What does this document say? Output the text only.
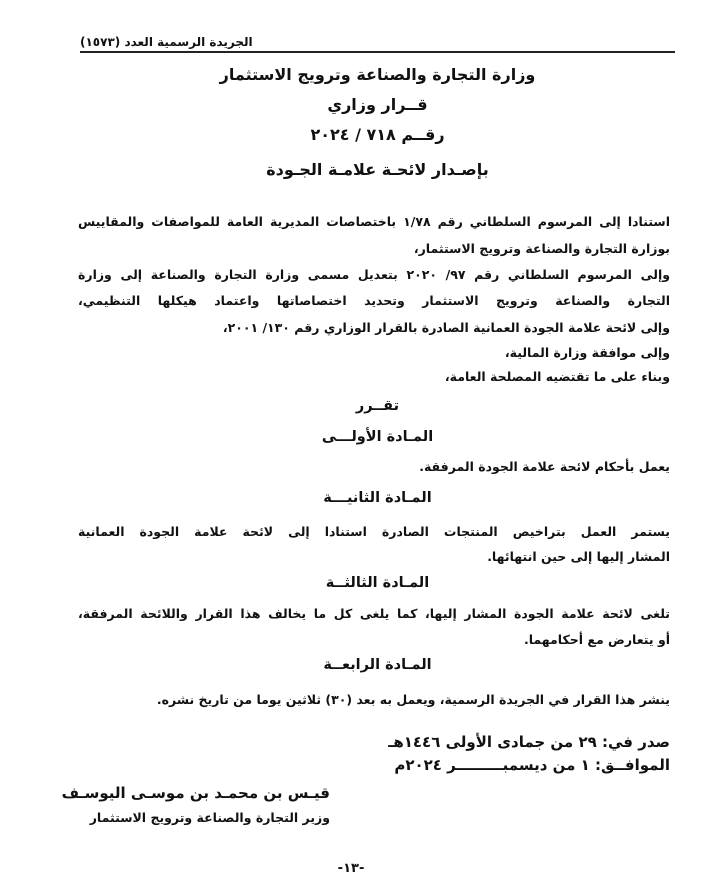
الجريدة الرسمية العدد (١٥٧٣)
وزارة التجارة والصناعة وترويج الاستثمار
قــرار وزاري
رقــم ٧١٨ / ٢٠٢٤
بإصـدار لائحـة علامـة الجـودة
استنادا إلى المرسوم السلطاني رقم ١/٧٨ باختصاصات المديرية العامة للمواصفات والمقاييس
بوزارة التجارة والصناعة وترويج الاستثمار،
وإلى المرسوم السلطاني رقم ٩٧/ ٢٠٢٠ بتعديل مسمى وزارة التجارة والصناعة إلى وزارة
التجارة والصناعة وترويج الاستثمار وتحديد اختصاصاتها واعتماد هيكلها التنظيمي،
وإلى لائحة علامة الجودة العمانية الصادرة بالقرار الوزاري رقم ١٣٠/ ٢٠٠١،
وإلى موافقة وزارة المالية،
وبناء على ما تقتضيه المصلحة العامة،
تقــرر
المـادة الأولـــى
يعمل بأحكام لائحة علامة الجودة المرفقة.
المـادة الثانيـــة
يستمر العمل بتراخيص المنتجات الصادرة استنادا إلى لائحة علامة الجودة العمانية
المشار إليها إلى حين انتهائها.
المـادة الثالثــة
تلغى لائحة علامة الجودة المشار إليها، كما يلغى كل ما يخالف هذا القرار واللائحة المرفقة،
أو يتعارض مع أحكامهما.
المـادة الرابعــة
ينشر هذا القرار في الجريدة الرسمية، ويعمل به بعد (٣٠) ثلاثين يوما من تاريخ نشره.
صدر في: ٢٩ من جمادى الأولى ١٤٤٦هـ
الموافــق: ١ من ديسمبـــــــــر ٢٠٢٤م
قيـس بن محمـد بن موسـى اليوسـف
وزير التجارة والصناعة وترويج الاستثمار
-١٣-
